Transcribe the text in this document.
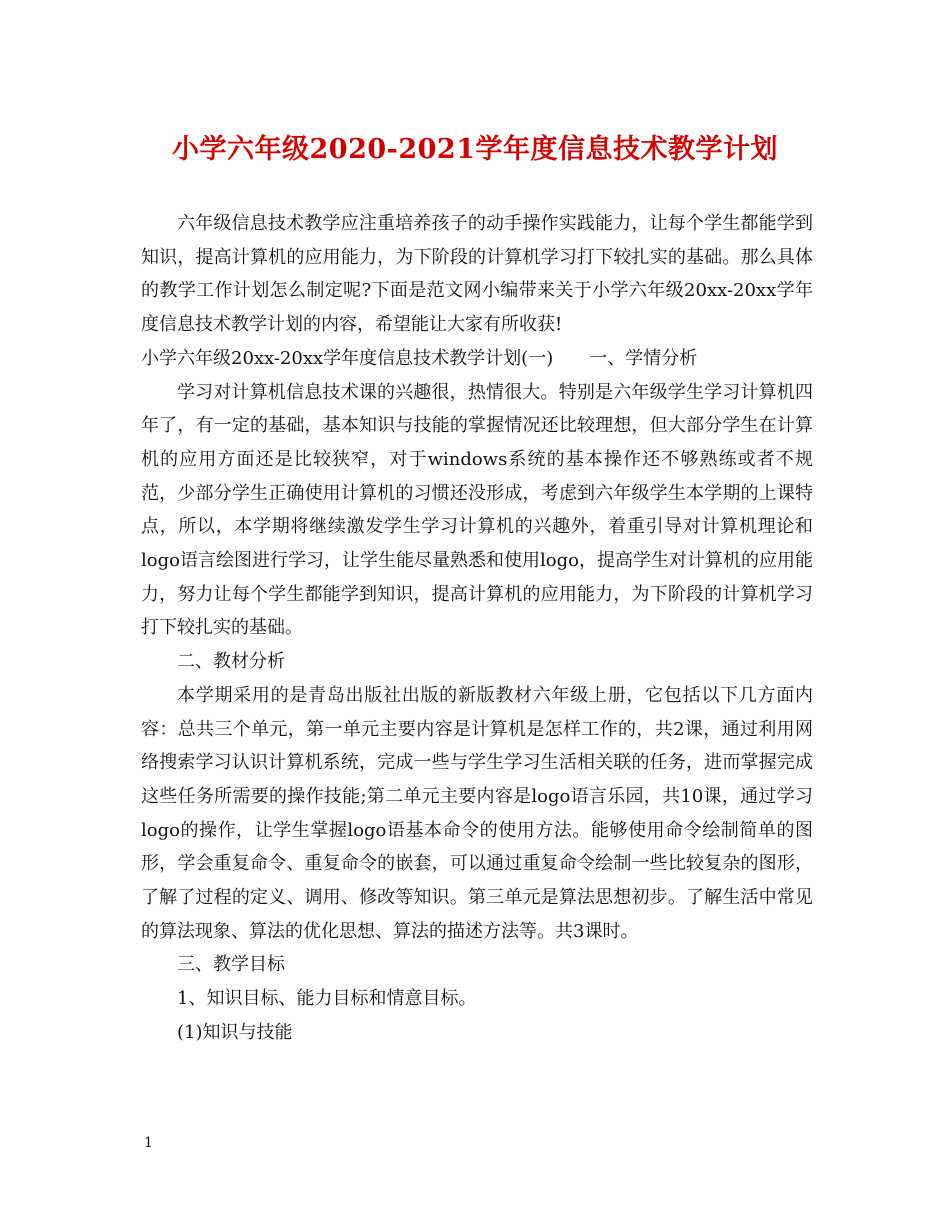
小学六年级2020-2021学年度信息技术教学计划

六年级信息技术教学应注重培养孩子的动手操作实践能力，让每个学生都能学到知识，提高计算机的应用能力，为下阶段的计算机学习打下较扎实的基础。那么具体的教学工作计划怎么制定呢?下面是范文网小编带来关于小学六年级20xx-20xx学年度信息技术教学计划的内容，希望能让大家有所收获!

小学六年级20xx-20xx学年度信息技术教学计划(一) 一、学情分析

学习对计算机信息技术课的兴趣很，热情很大。特别是六年级学生学习计算机四年了，有一定的基础，基本知识与技能的掌握情况还比较理想，但大部分学生在计算机的应用方面还是比较狭窄，对于windows系统的基本操作还不够熟练或者不规范，少部分学生正确使用计算机的习惯还没形成，考虑到六年级学生本学期的上课特点，所以，本学期将继续激发学生学习计算机的兴趣外，着重引导对计算机理论和logo语言绘图进行学习，让学生能尽量熟悉和使用logo，提高学生对计算机的应用能力，努力让每个学生都能学到知识，提高计算机的应用能力，为下阶段的计算机学习打下较扎实的基础。

二、教材分析

本学期采用的是青岛出版社出版的新版教材六年级上册，它包括以下几方面内容：总共三个单元，第一单元主要内容是计算机是怎样工作的，共2课，通过利用网络搜索学习认识计算机系统，完成一些与学生学习生活相关联的任务，进而掌握完成这些任务所需要的操作技能;第二单元主要内容是logo语言乐园，共10课，通过学习logo的操作，让学生掌握logo语基本命令的使用方法。能够使用命令绘制简单的图形，学会重复命令、重复命令的嵌套，可以通过重复命令绘制一些比较复杂的图形，了解了过程的定义、调用、修改等知识。第三单元是算法思想初步。了解生活中常见的算法现象、算法的优化思想、算法的描述方法等。共3课时。

三、教学目标

1、知识目标、能力目标和情意目标。

(1)知识与技能

1
